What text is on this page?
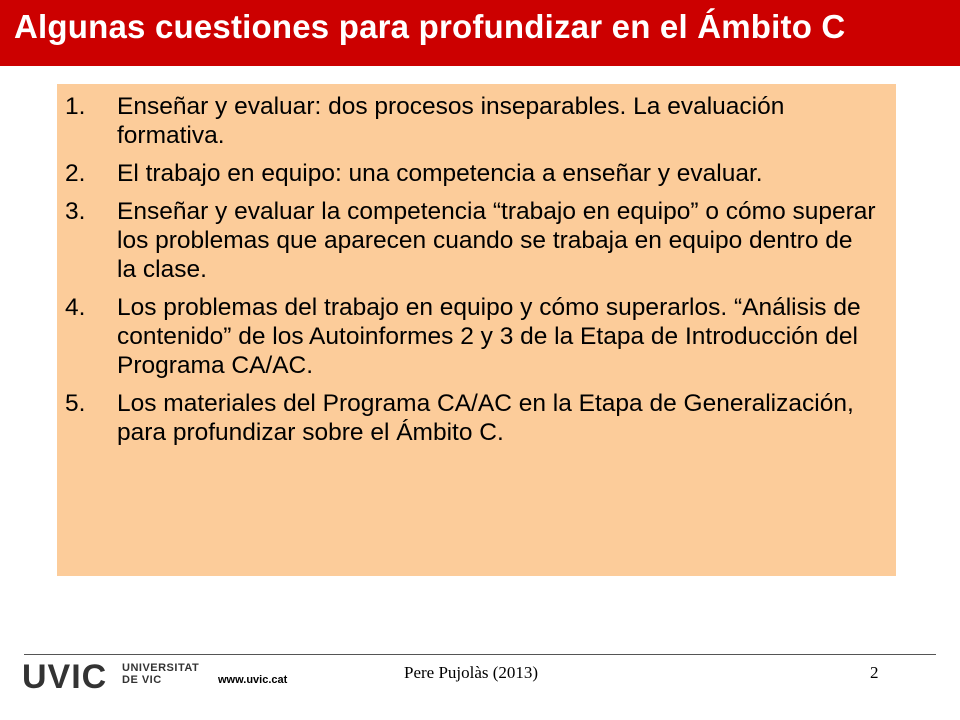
Algunas cuestiones para profundizar en el Ámbito C
1. Enseñar y evaluar: dos procesos inseparables. La evaluación formativa.
2. El trabajo en equipo: una competencia a enseñar y evaluar.
3. Enseñar y evaluar la competencia “trabajo en equipo” o cómo superar los problemas que aparecen cuando se trabaja en equipo dentro de la clase.
4. Los problemas del trabajo en equipo y cómo superarlos. “Análisis de contenido” de los Autoinformes 2 y 3 de la Etapa de Introducción del Programa CA/AC.
5. Los materiales del Programa CA/AC en la Etapa de Generalización, para profundizar sobre el Ámbito C.
UVIC UNIVERSITAT
DE VIC	www.uvic.cat	Pere Pujolàs (2013)	2
